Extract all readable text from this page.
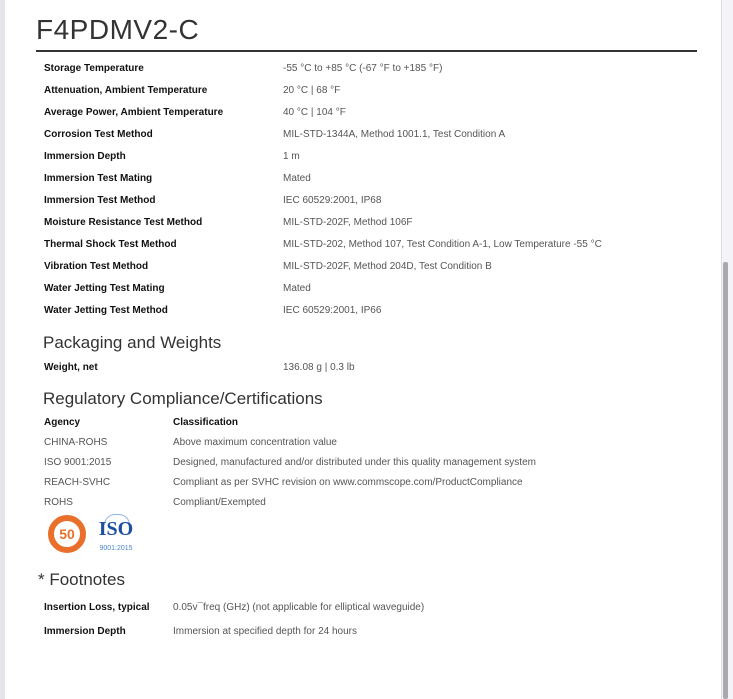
F4PDMV2-C
Storage Temperature	-55 °C to +85 °C (-67 °F to +185 °F)
Attenuation, Ambient Temperature	20 °C | 68 °F
Average Power, Ambient Temperature	40 °C | 104 °F
Corrosion Test Method	MIL-STD-1344A, Method 1001.1, Test Condition A
Immersion Depth	1 m
Immersion Test Mating	Mated
Immersion Test Method	IEC 60529:2001, IP68
Moisture Resistance Test Method	MIL-STD-202F, Method 106F
Thermal Shock Test Method	MIL-STD-202, Method 107, Test Condition A-1, Low Temperature -55 °C
Vibration Test Method	MIL-STD-202F, Method 204D, Test Condition B
Water Jetting Test Mating	Mated
Water Jetting Test Method	IEC 60529:2001, IP66
Packaging and Weights
Weight, net	136.08 g | 0.3 lb
Regulatory Compliance/Certifications
Agency	Classification
CHINA-ROHS	Above maximum concentration value
ISO 9001:2015	Designed, manufactured and/or distributed under this quality management system
REACH-SVHC	Compliant as per SVHC revision on www.commscope.com/ProductCompliance
ROHS	Compliant/Exempted
50 ISO
9001:2015
* Footnotes
Insertion Loss, typical 0.05v¯freq (GHz) (not applicable for elliptical waveguide)
Immersion Depth	Immersion at specified depth for 24 hours
